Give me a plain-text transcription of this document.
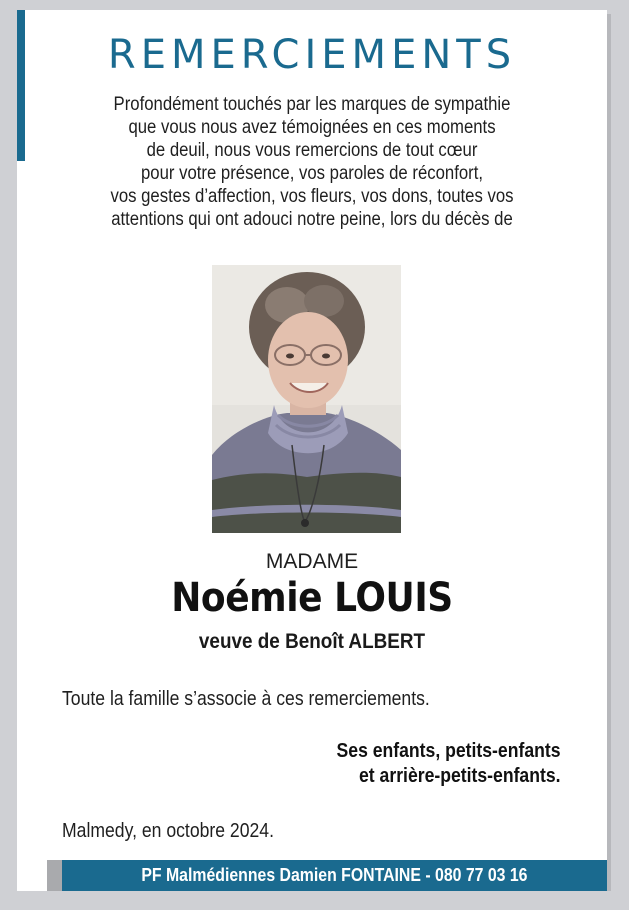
REMERCIEMENTS
Profondément touchés par les marques de sympathie
que vous nous avez témoignées en ces moments
de deuil, nous vous remercions de tout cœur
pour votre présence, vos paroles de réconfort,
vos gestes d’affection, vos fleurs, vos dons, toutes vos
attentions qui ont adouci notre peine, lors du décès de
MADAME
Noémie LOUIS
veuve de Benoît ALBERT
Toute la famille s’associe à ces remerciements.
Ses enfants, petits-enfants
et arrière-petits-enfants.
Malmedy, en octobre 2024.
PF Malmédiennes Damien FONTAINE - 080 77 03 16
